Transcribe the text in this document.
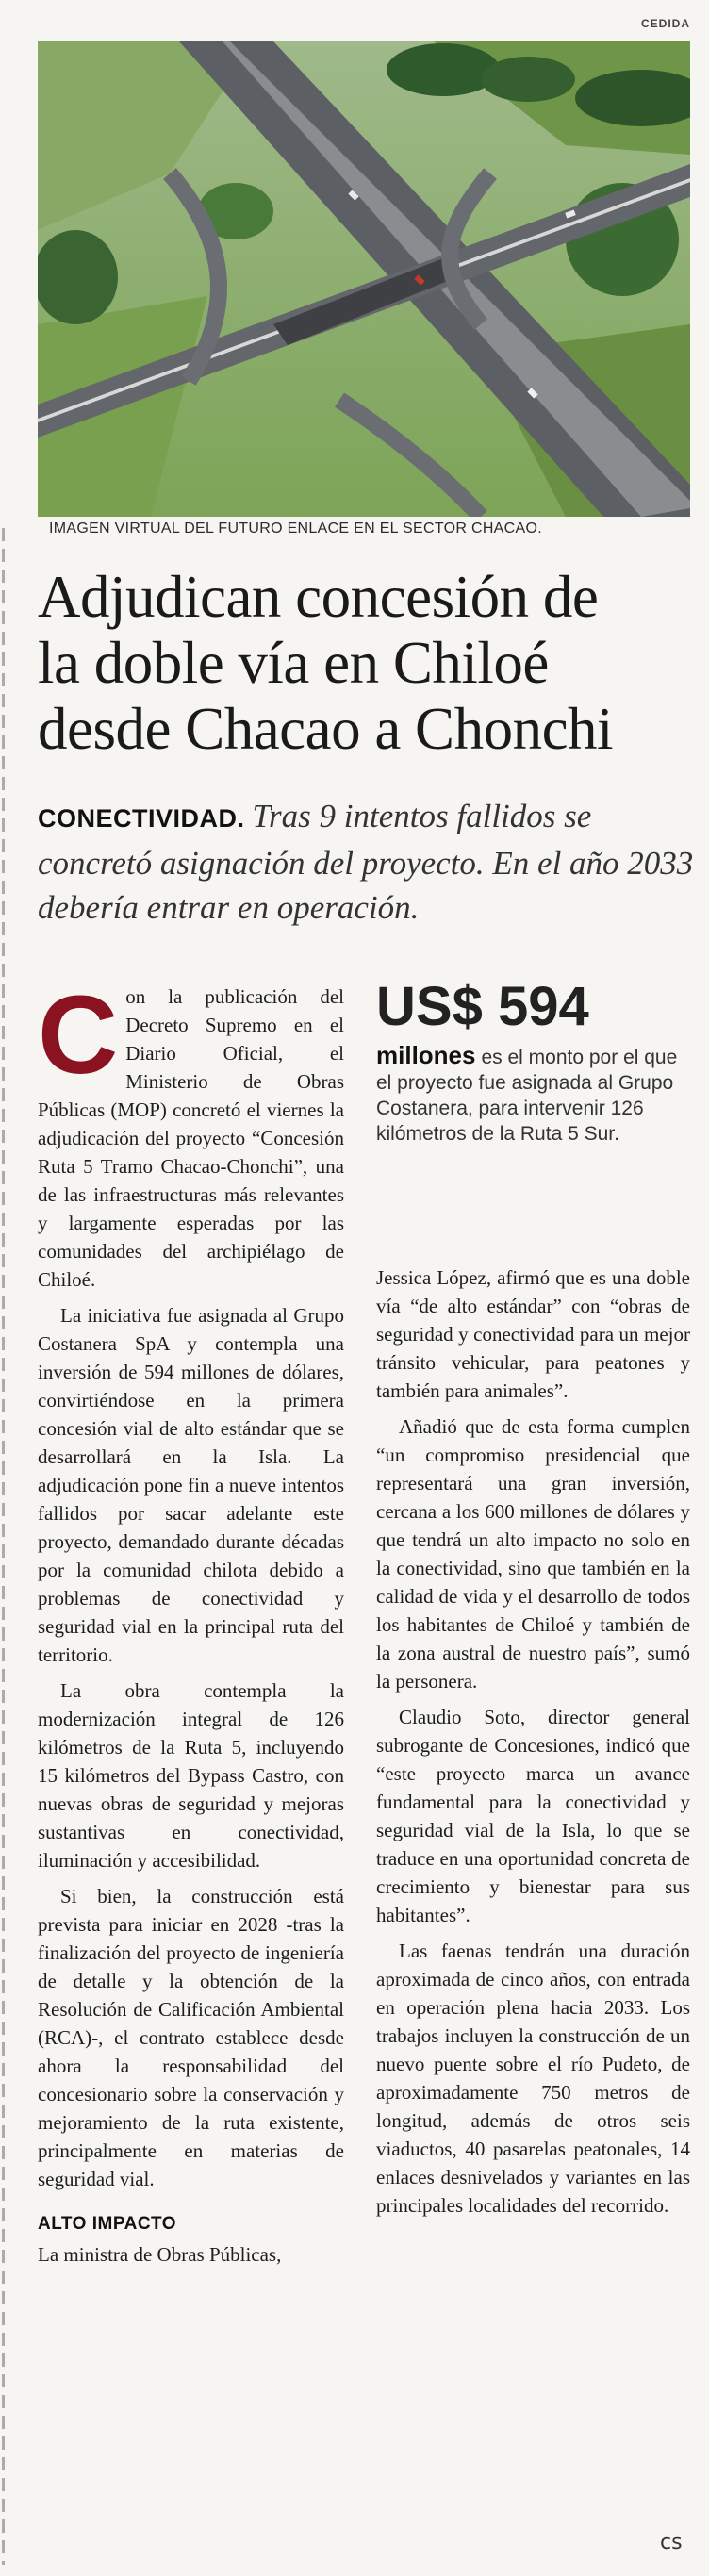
CEDIDA
IMAGEN VIRTUAL DEL FUTURO ENLACE EN EL SECTOR CHACAO.
Adjudican concesión de
la doble vía en Chiloé
desde Chacao a Chonchi
CONECTIVIDAD. Tras 9 intentos fallidos se concretó asignación del proyecto. En el año 2033 debería entrar en operación.

Con la publicación del Decreto Supremo en el Diario Oficial, el Ministerio de Obras Públicas (MOP) concretó el viernes la adjudicación del proyecto “Concesión Ruta 5 Tramo Chacao-Chonchi”, una de las infraestructuras más relevantes y largamente esperadas por las comunidades del archipiélago de Chiloé.

La iniciativa fue asignada al Grupo Costanera SpA y contempla una inversión de 594 millones de dólares, convirtiéndose en la primera concesión vial de alto estándar que se desarrollará en la Isla. La adjudicación pone fin a nueve intentos fallidos por sacar adelante este proyecto, demandado durante décadas por la comunidad chilota debido a problemas de conectividad y seguridad vial en la principal ruta del territorio.

La obra contempla la modernización integral de 126 kilómetros de la Ruta 5, incluyendo 15 kilómetros del Bypass Castro, con nuevas obras de seguridad y mejoras sustantivas en conectividad, iluminación y accesibilidad.

Si bien, la construcción está prevista para iniciar en 2028 -tras la finalización del proyecto de ingeniería de detalle y la obtención de la Resolución de Calificación Ambiental (RCA)-, el contrato establece desde ahora la responsabilidad del concesionario sobre la conservación y mejoramiento de la ruta existente, principalmente en materias de seguridad vial.

ALTO IMPACTO

La ministra de Obras Públicas,

US$ 594
millones es el monto por el que el proyecto fue asignada al Grupo Costanera, para intervenir 126 kilómetros de la Ruta 5 Sur.

Jessica López, afirmó que es una doble vía “de alto estándar” con “obras de seguridad y conectividad para un mejor tránsito vehicular, para peatones y también para animales”.

Añadió que de esta forma cumplen “un compromiso presidencial que representará una gran inversión, cercana a los 600 millones de dólares y que tendrá un alto impacto no solo en la conectividad, sino que también en la calidad de vida y el desarrollo de todos los habitantes de Chiloé y también de la zona austral de nuestro país”, sumó la personera.

Claudio Soto, director general subrogante de Concesiones, indicó que “este proyecto marca un avance fundamental para la conectividad y seguridad vial de la Isla, lo que se traduce en una oportunidad concreta de crecimiento y bienestar para sus habitantes”.

Las faenas tendrán una duración aproximada de cinco años, con entrada en operación plena hacia 2033. Los trabajos incluyen la construcción de un nuevo puente sobre el río Pudeto, de aproximadamente 750 metros de longitud, además de otros seis viaductos, 40 pasarelas peatonales, 14 enlaces desnivelados y variantes en las principales localidades del recorrido.

cs
